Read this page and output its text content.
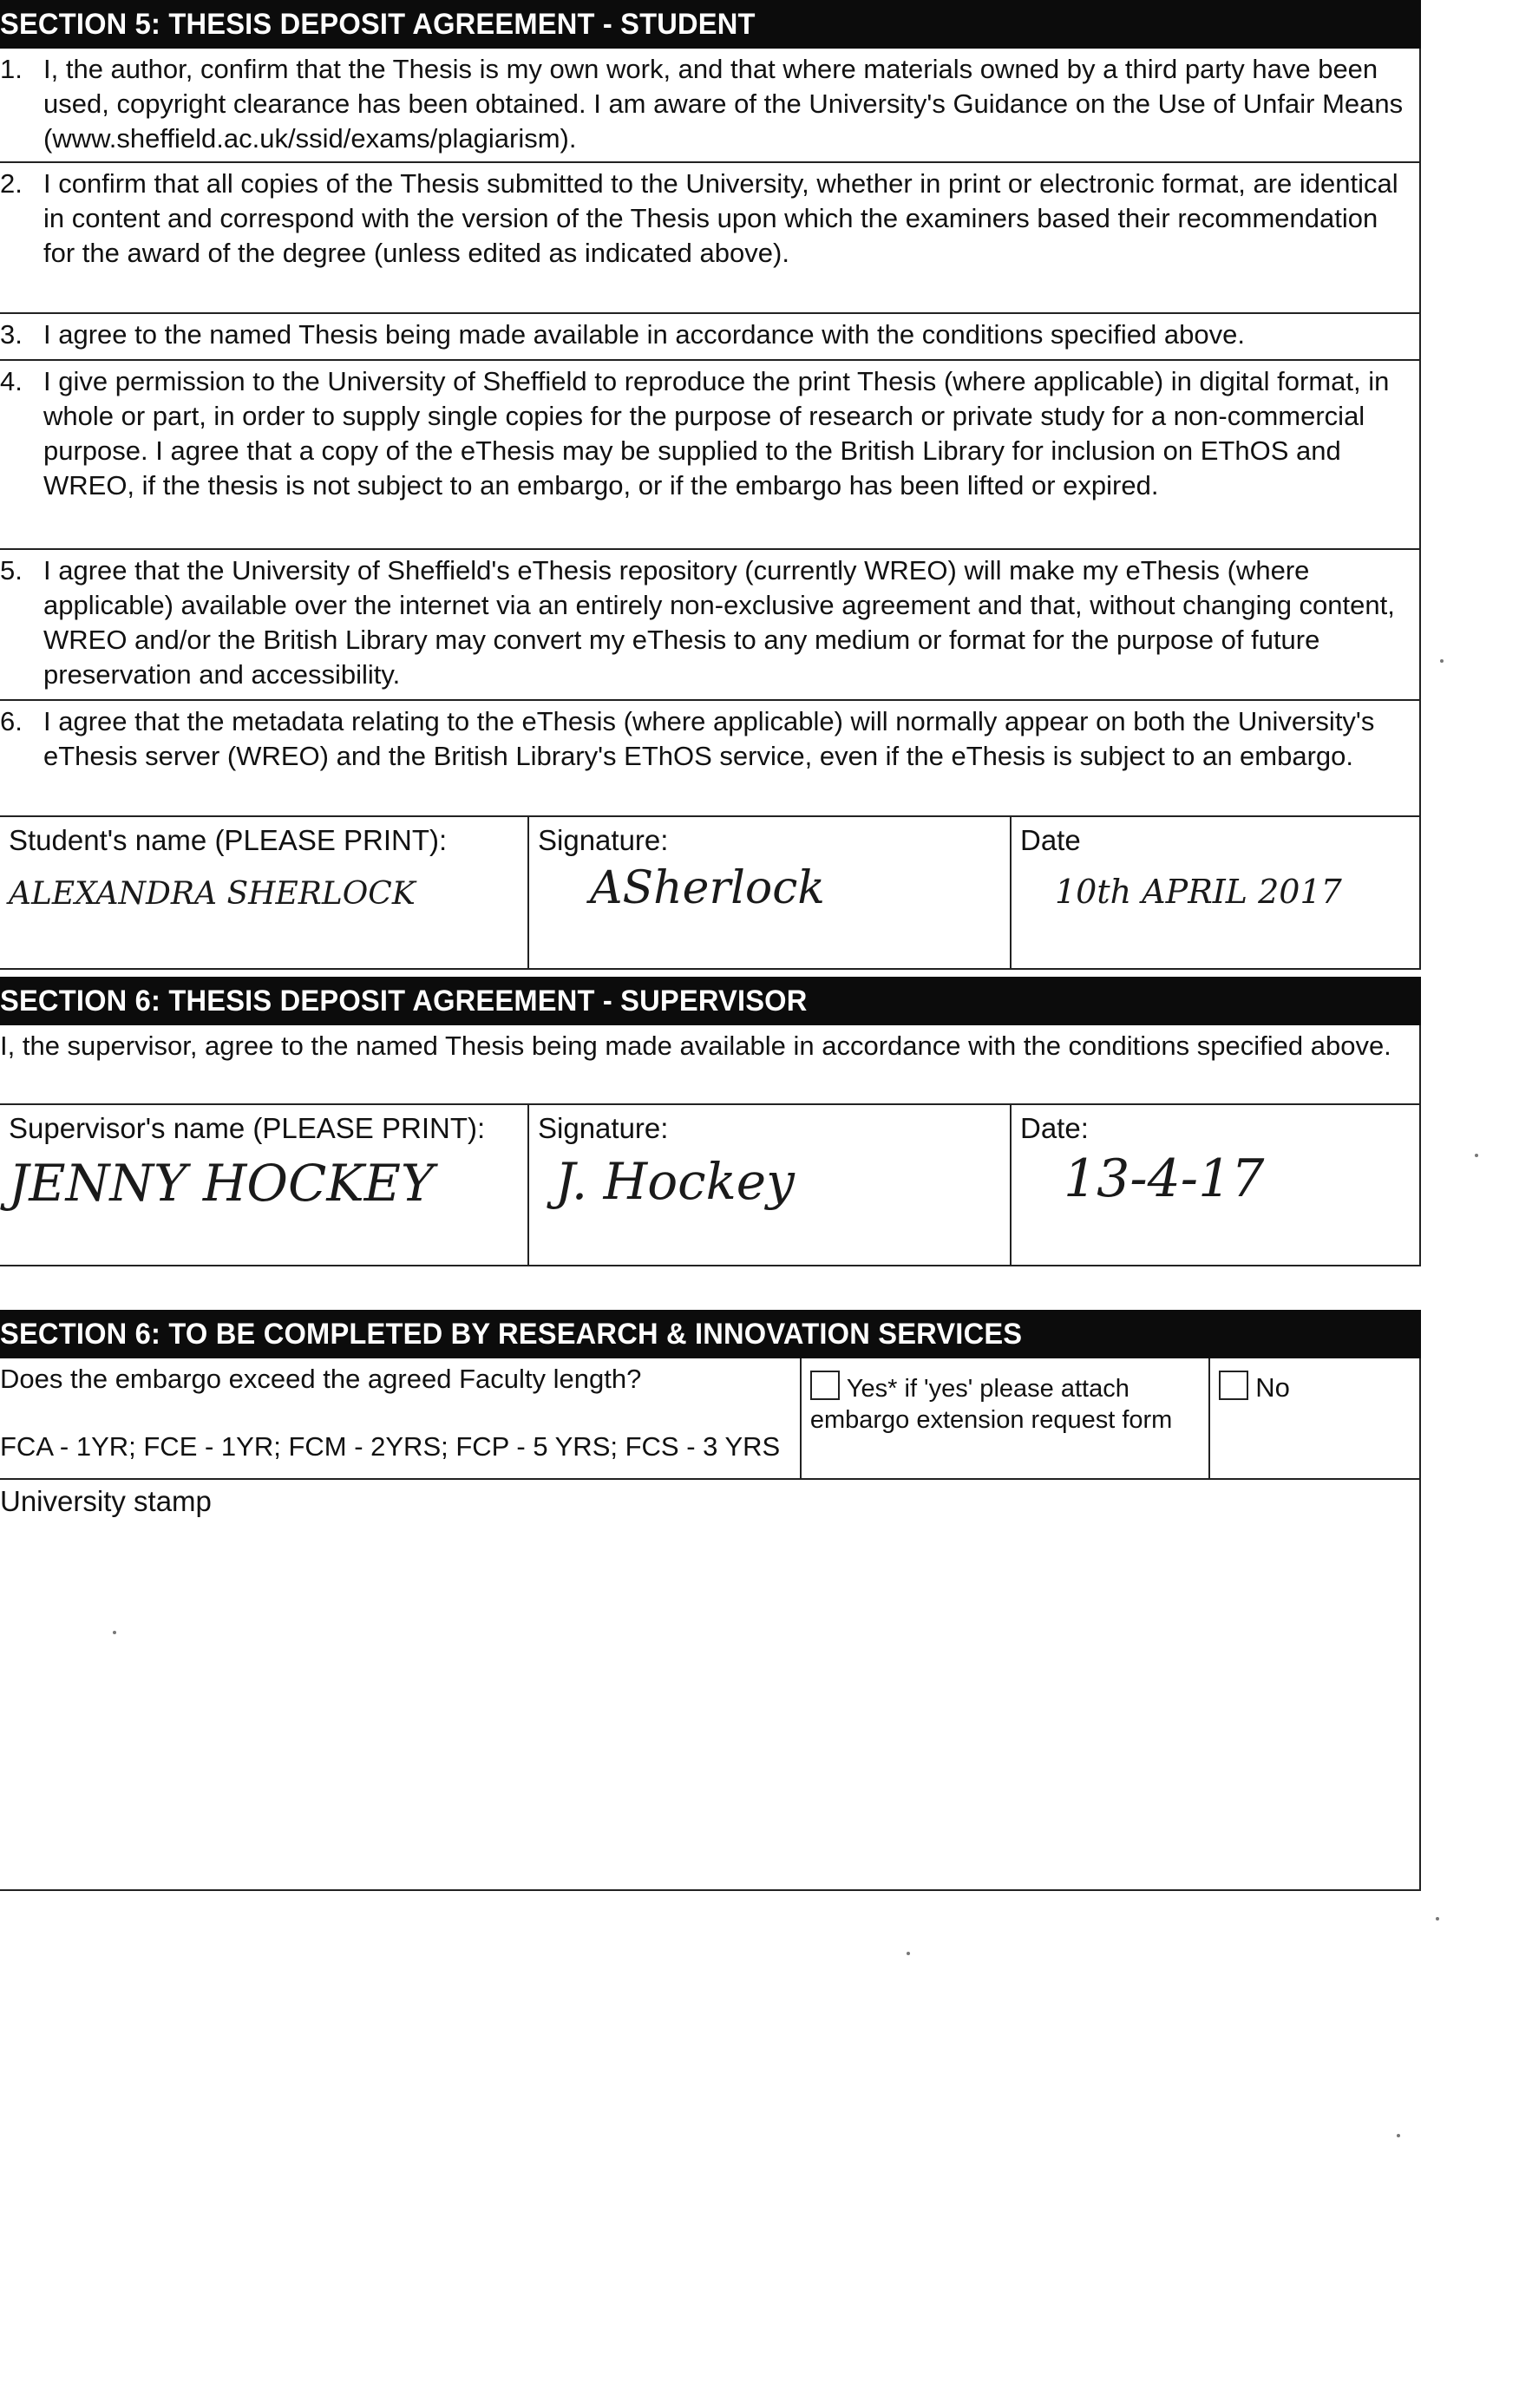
SECTION 5: THESIS DEPOSIT AGREEMENT - STUDENT
1. I, the author, confirm that the Thesis is my own work, and that where materials owned by a third party have been used, copyright clearance has been obtained. I am aware of the University's Guidance on the Use of Unfair Means (www.sheffield.ac.uk/ssid/exams/plagiarism).
2. I confirm that all copies of the Thesis submitted to the University, whether in print or electronic format, are identical in content and correspond with the version of the Thesis upon which the examiners based their recommendation for the award of the degree (unless edited as indicated above).
3. I agree to the named Thesis being made available in accordance with the conditions specified above.
4. I give permission to the University of Sheffield to reproduce the print Thesis (where applicable) in digital format, in whole or part, in order to supply single copies for the purpose of research or private study for a non-commercial purpose. I agree that a copy of the eThesis may be supplied to the British Library for inclusion on EThOS and WREO, if the thesis is not subject to an embargo, or if the embargo has been lifted or expired.
5. I agree that the University of Sheffield's eThesis repository (currently WREO) will make my eThesis (where applicable) available over the internet via an entirely non-exclusive agreement and that, without changing content, WREO and/or the British Library may convert my eThesis to any medium or format for the purpose of future preservation and accessibility.
6. I agree that the metadata relating to the eThesis (where applicable) will normally appear on both the University's eThesis server (WREO) and the British Library's EThOS service, even if the eThesis is subject to an embargo.
Student's name (PLEASE PRINT):
ALEXANDRA SHERLOCK
Signature:
ASherlock
Date
10th APRIL 2017
SECTION 6: THESIS DEPOSIT AGREEMENT - SUPERVISOR
I, the supervisor, agree to the named Thesis being made available in accordance with the conditions specified above.
Supervisor's name (PLEASE PRINT):
JENNY HOCKEY
Signature:
J. Hockey
Date:
13-4-17
SECTION 6: TO BE COMPLETED BY RESEARCH & INNOVATION SERVICES
Does the embargo exceed the agreed Faculty length?
FCA - 1YR; FCE - 1YR; FCM - 2YRS; FCP - 5 YRS; FCS - 3 YRS
Yes* if 'yes' please attach embargo extension request form
No
University stamp
